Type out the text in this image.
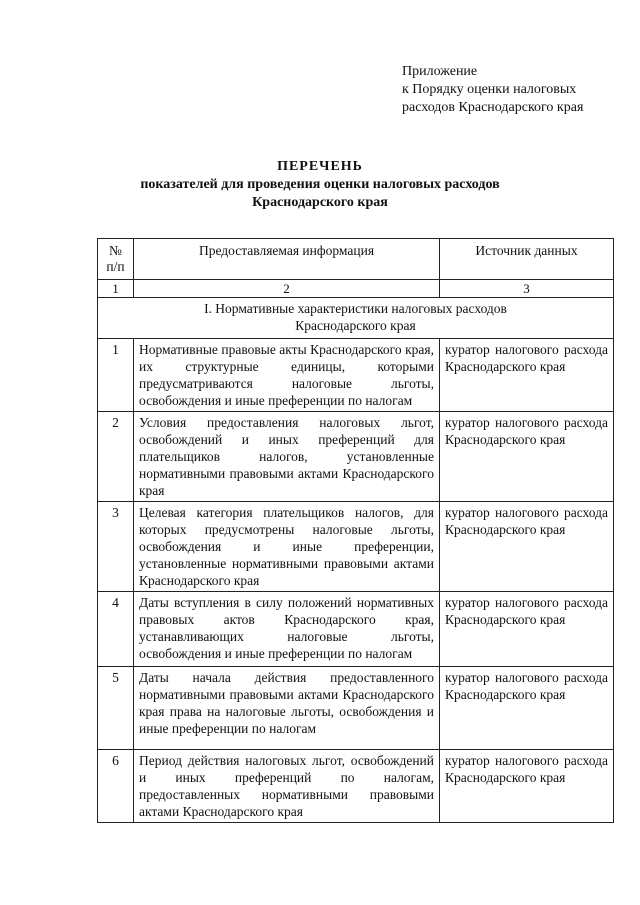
Приложение
к Порядку оценки налоговых
расходов Краснодарского края
ПЕРЕЧЕНЬ
показателей для проведения оценки налоговых расходов
Краснодарского края
№
п/п	Предоставляемая информация	Источник данных
1	2	3

I. Нормативные характеристики налоговых расходов
Краснодарского края		

1	Нормативные правовые акты Краснодарского края, их структурные единицы, которыми предусматриваются налоговые льготы, освобождения и иные преференции по налогам	куратор налогового расхода Краснодарского края
2	Условия предоставления налоговых льгот, освобождений и иных преференций для плательщиков налогов, установленные нормативными правовыми актами Краснодарского края	куратор налогового расхода Краснодарского края
3	Целевая категория плательщиков налогов, для которых предусмотрены налоговые льготы, освобождения и иные преференции, установленные нормативными правовыми актами Краснодарского края	куратор налогового расхода Краснодарского края
4	Даты вступления в силу положений нормативных правовых актов Краснодарского края, устанавливающих налоговые льготы, освобождения и иные преференции по налогам	куратор налогового расхода Краснодарского края
5	Даты начала действия предоставленного нормативными правовыми актами Краснодарского края права на налоговые льготы, освобождения и иные преференции по налогам	куратор налогового расхода Краснодарского края
6	Период действия налоговых льгот, освобождений и иных преференций по налогам, предоставленных нормативными правовыми актами Краснодарского края	куратор налогового расхода Краснодарского края
